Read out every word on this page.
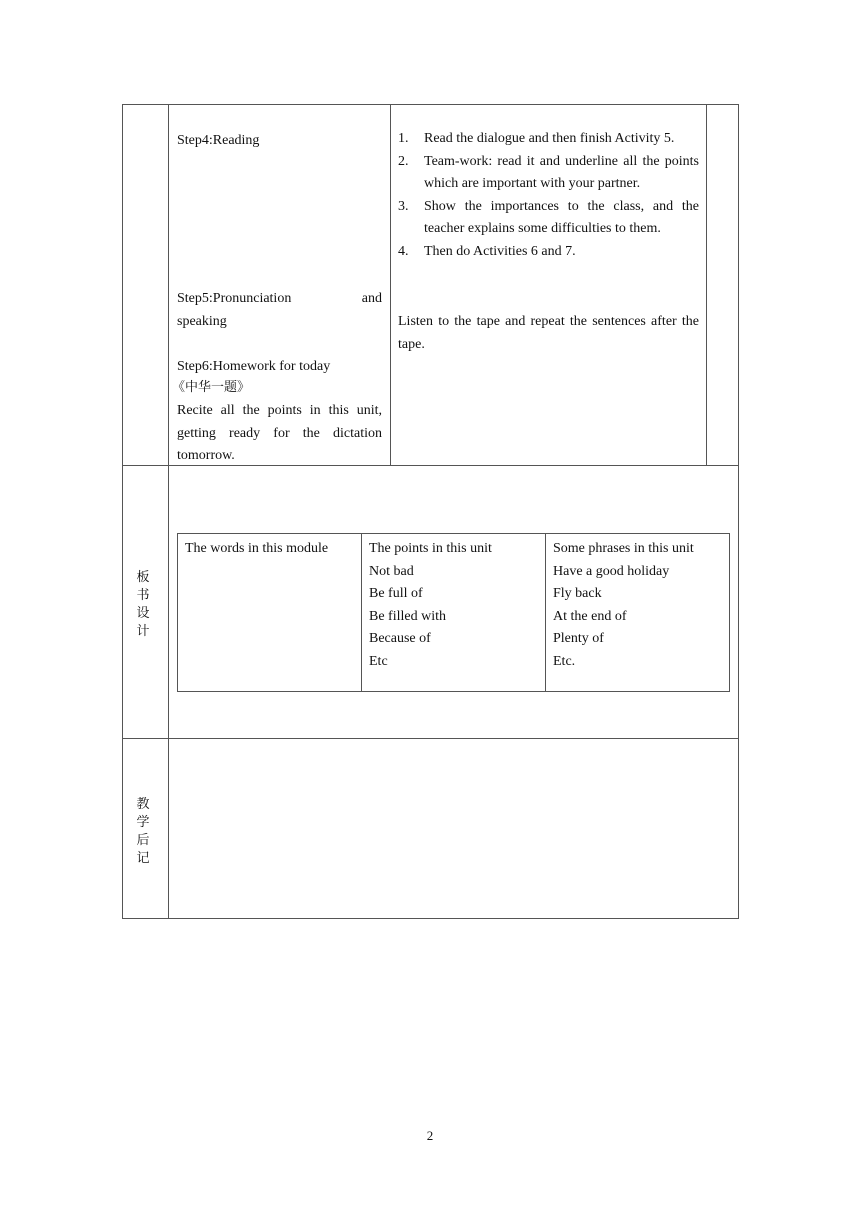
Step4:Reading
Step5:Pronunciation	and
speaking
Step6:Homework for today
《中华一题》
Recite all the points in this unit, getting ready for the dictation tomorrow.
1. Read the dialogue and then finish Activity 5.
2. Team-work: read it and underline all the points which are important with your partner.
3. Show the importances to the class, and the teacher explains some difficulties to them.
4. Then do Activities 6 and 7.
Listen to the tape and repeat the sentences after the tape.
板书设计
The words in this module	The points in this unit
Not bad
Be full of
Be filled with
Because of
Etc
Some phrases in this unit
Have a good holiday
Fly back
At the end of
Plenty of
Etc.
教学后记
2
